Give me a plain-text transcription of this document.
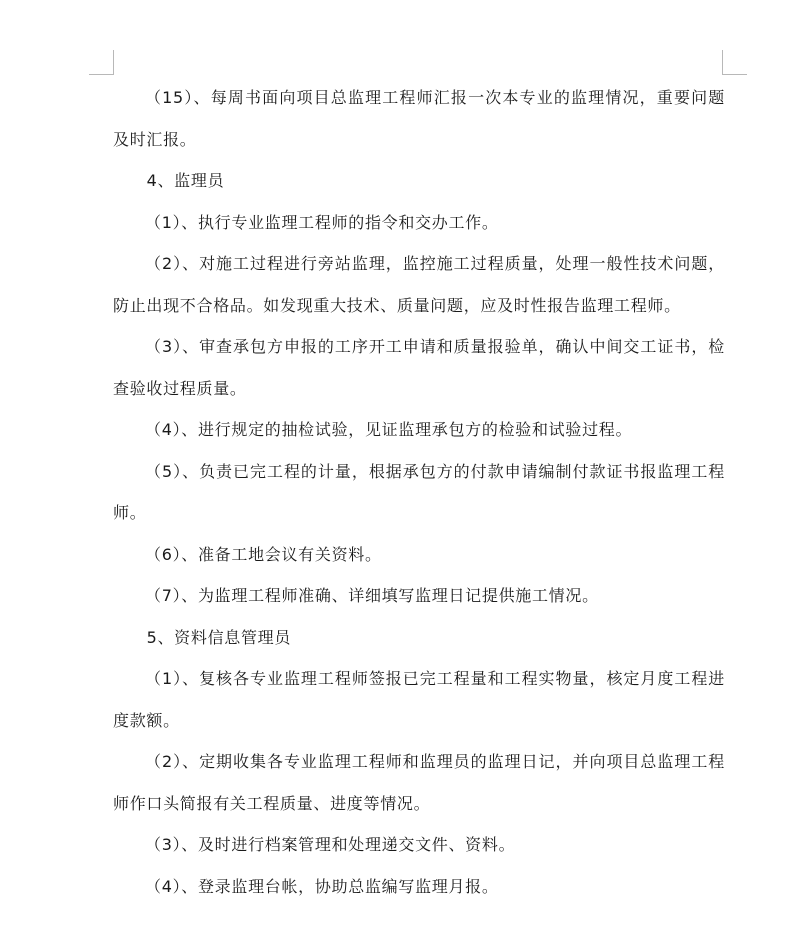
（15）、每周书面向项目总监理工程师汇报一次本专业的监理情况，重要问题及时汇报。

4、监理员

（1）、执行专业监理工程师的指令和交办工作。

（2）、对施工过程进行旁站监理，监控施工过程质量，处理一般性技术问题，防止出现不合格品。如发现重大技术、质量问题，应及时性报告监理工程师。

（3）、审查承包方申报的工序开工申请和质量报验单，确认中间交工证书，检查验收过程质量。

（4）、进行规定的抽检试验，见证监理承包方的检验和试验过程。

（5）、负责已完工程的计量，根据承包方的付款申请编制付款证书报监理工程师。

（6）、准备工地会议有关资料。

（7）、为监理工程师准确、详细填写监理日记提供施工情况。

5、资料信息管理员

（1）、复核各专业监理工程师签报已完工程量和工程实物量，核定月度工程进度款额。

（2）、定期收集各专业监理工程师和监理员的监理日记，并向项目总监理工程师作口头简报有关工程质量、进度等情况。

（3）、及时进行档案管理和处理递交文件、资料。

（4）、登录监理台帐，协助总监编写监理月报。
